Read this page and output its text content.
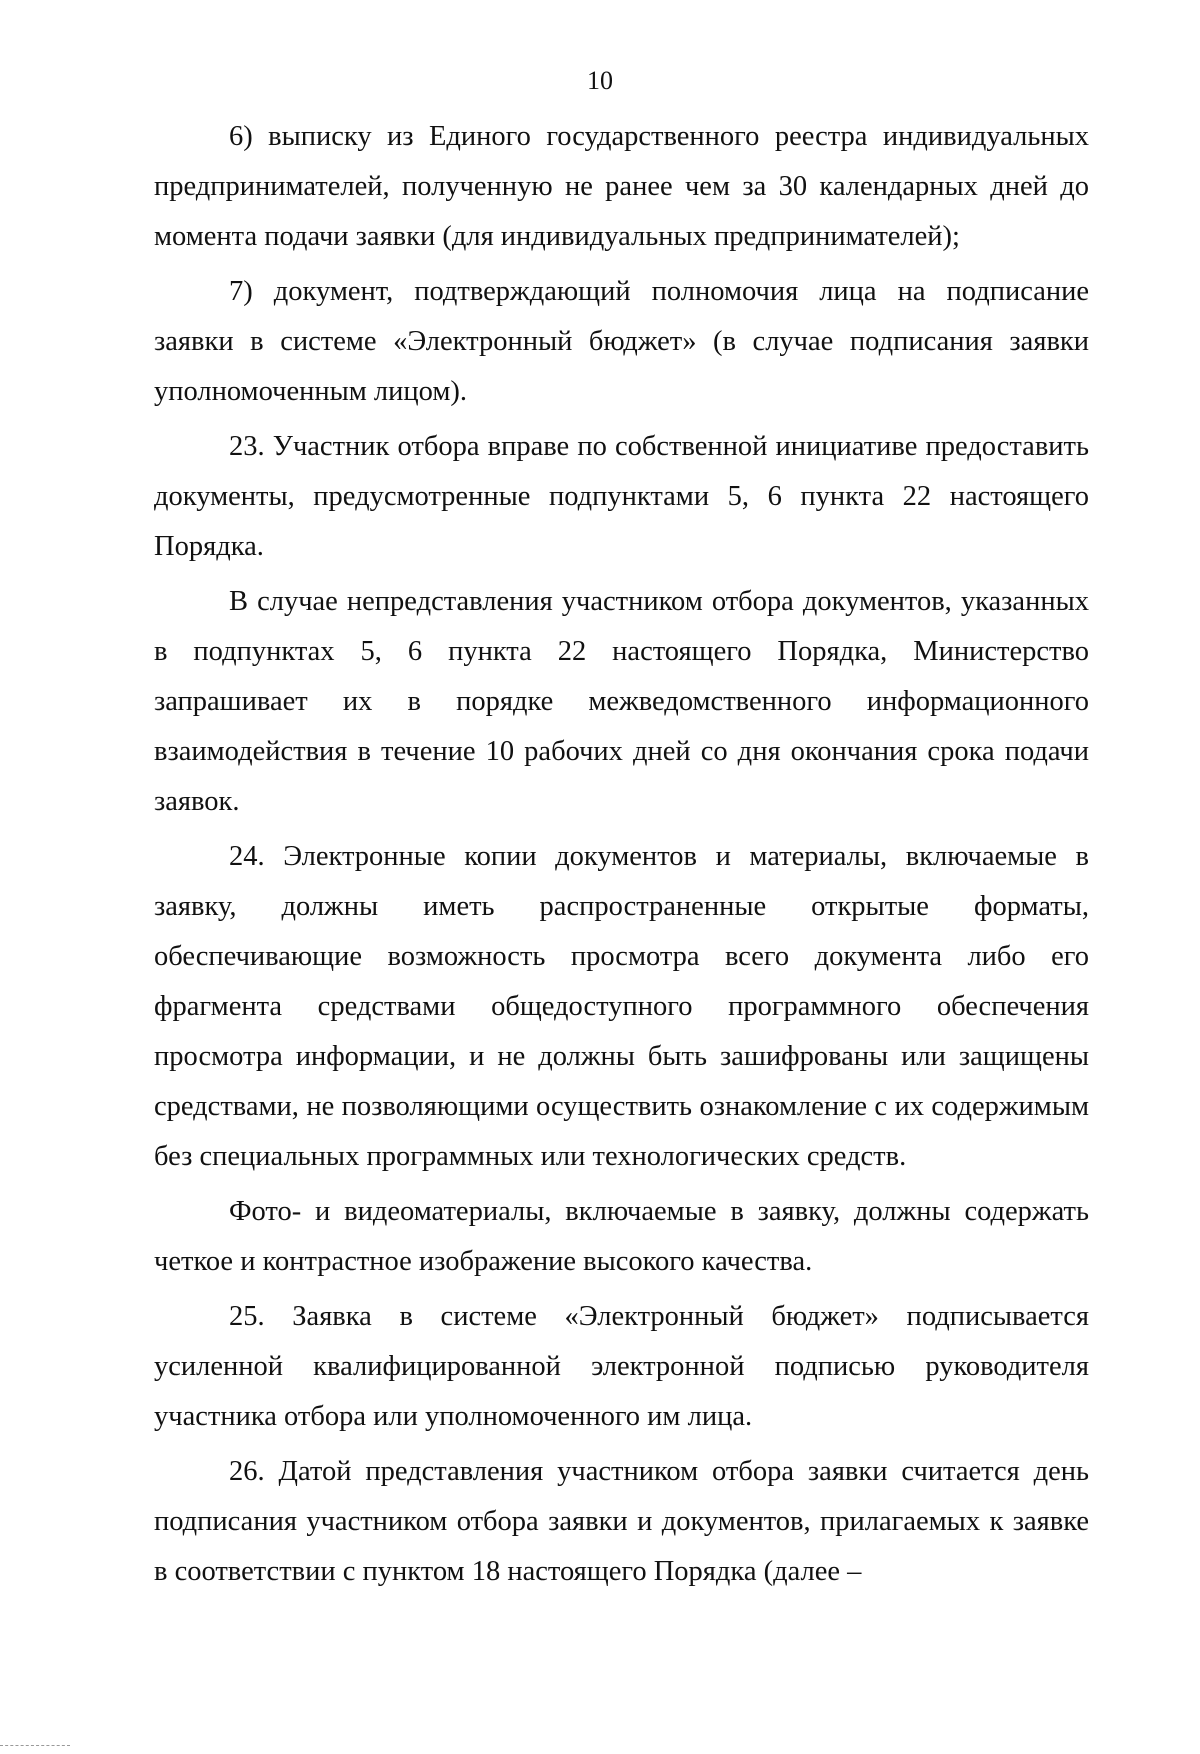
10

6) выписку из Единого государственного реестра индивидуальных предпринимателей, полученную не ранее чем за 30 календарных дней до момента подачи заявки (для индивидуальных предпринимателей);

7) документ, подтверждающий полномочия лица на подписание заявки в системе «Электронный бюджет» (в случае подписания заявки уполномоченным лицом).

23. Участник отбора вправе по собственной инициативе предоставить документы, предусмотренные подпунктами 5, 6 пункта 22 настоящего Порядка.

В случае непредставления участником отбора документов, указанных в подпунктах 5, 6 пункта 22 настоящего Порядка, Министерство запрашивает их в порядке межведомственного информационного взаимодействия в течение 10 рабочих дней со дня окончания срока подачи заявок.

24. Электронные копии документов и материалы, включаемые в заявку, должны иметь распространенные открытые форматы, обеспечивающие возможность просмотра всего документа либо его фрагмента средствами общедоступного программного обеспечения просмотра информации, и не должны быть зашифрованы или защищены средствами, не позволяющими осуществить ознакомление с их содержимым без специальных программных или технологических средств.

Фото- и видеоматериалы, включаемые в заявку, должны содержать четкое и контрастное изображение высокого качества.

25. Заявка в системе «Электронный бюджет» подписывается усиленной квалифицированной электронной подписью руководителя участника отбора или уполномоченного им лица.

26. Датой представления участником отбора заявки считается день подписания участником отбора заявки и документов, прилагаемых к заявке в соответствии с пунктом 18 настоящего Порядка (далее –
